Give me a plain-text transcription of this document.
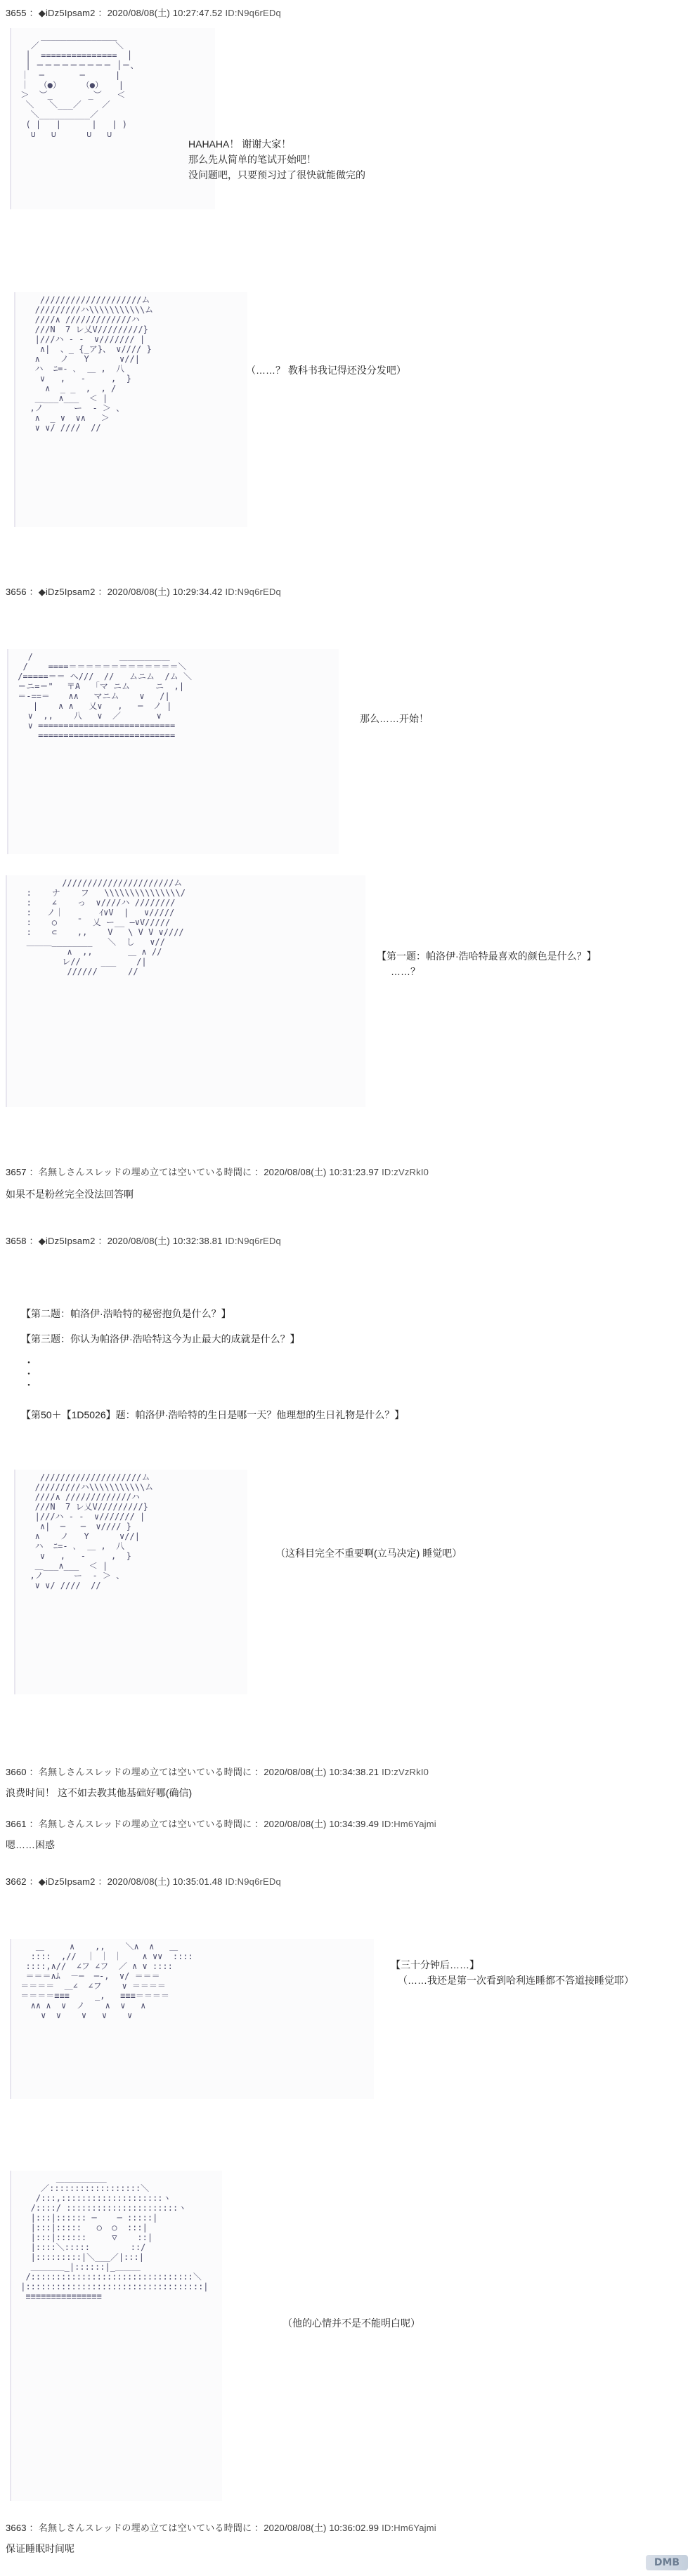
3655 ：◆iDz5Ipsam2 ：2020/08/08(土) 10:27:47.52 ID:N9q6rEDq
_______________
／               ＼
│  ===============  │
│ ＝＝＝＝＝＝＝＝＝ │＝、
｜  ─       ─      |
｜  （●）    （●）   |
＞  ︶_       _︶   ＜
＼   ＼___／    ／
＼__________／
( |   |      |   | )
∪   ∪      ∪   ∪
HAHAHA！ 谢谢大家！
那么先从简单的笔试开始吧！
没问题吧，只要预习过了很快就能做完的
////////////////////ム
/////////ハ\\\\\\\\\\\ム
////∧ /////////////ハ
///N  7 レ乂V/////////}
|///ハ ‐ ‐  ∨/////// |
∧|  、_ {_ア}、 ∨//// }
∧    ノ   Y      ∨//|
ハ  ﾆ=- ､  ＿ ,  八
∨   ,   ‐     ,  }
∧  _ _  ,  , /
＿___∧___  ＜ |
,ノ      ー  ‐ ＞ 、
∧  _ ∨  ∨∧   ＞
∨ ∨/ ////  //
（……？ 教科书我记得还没分发吧）
3656 ：◆iDz5Ipsam2 ：2020/08/08(土) 10:29:34.42 ID:N9q6rEDq
/                 ＿＿＿＿＿＿
/    ====＝＝＝＝＝＝＝＝＝＝＝＝＝＼
/=====＝＝ へ///  //   ムニム  /ム ＼
＝ニ=＝"　 〒A   ｢マ ニム     ニ  ,|
＝-==＝　  ∧∧   マニム    ∨   /|
|    ∧ ∧   乂∨   ,   ─  ノ |
∨  ,,    八   ∨  ／       ∨
∨ ===========================
===========================
那么……开始！
//////////////////////ム
:    ナ    フ   \\\\\\\\\\\\\\\/
:    ∠    っ  ∨////ハ ////////
:   ノ｜       ｲ∨V  |   ∨/////
:    ○    ̄   乂 ー__ ―∨V/////
:    ⊂    ,,    V   \ V V ∨////
＿＿＿________   ＼  し   ∨//
∧  ,,       ＿ ∧ //
レ//    ___    /|
//////      //
【第一题：帕洛伊·浩哈特最喜欢的颜色是什么？】
……？
3657 ：名無しさんスレッドの埋め立ては空いている時間に ：2020/08/08(土) 10:31:23.97 ID:zVzRkI0
如果不是粉丝完全没法回答啊
3658 ：◆iDz5Ipsam2 ：2020/08/08(土) 10:32:38.81 ID:N9q6rEDq
【第二题：帕洛伊·浩哈特的秘密抱负是什么？】
【第三题：你认为帕洛伊·浩哈特这今为止最大的成就是什么？】
・
・
・
【第50＋【1D5026】题：帕洛伊·浩哈特的生日是哪一天？他理想的生日礼物是什么？】
////////////////////ム
/////////ハ\\\\\\\\\\\ム
////∧ /////////////ハ
///N  7 レ乂V/////////}
|///ハ ‐ ‐  ∨/////// |
∧|  ─   ─  ∨//// }
∧    ノ   Y      ∨//|
ハ  ﾆ=- ､  ＿ ,  八
∨   ,   ‐     ,  }
＿___∧___  ＜ |
,ノ      ー  ‐ ＞ 、
∨ ∨/ ////  //
（这科目完全不重要啊(立马决定) 睡觉吧）
3660 ：名無しさんスレッドの埋め立ては空いている時間に ：2020/08/08(土) 10:34:38.21 ID:zVzRkI0
浪费时间！ 这不如去教其他基础好哪(确信)
3661 ：名無しさんスレッドの埋め立ては空いている時間に ：2020/08/08(土) 10:34:39.49 ID:Hm6Yajmi
嗯……困惑
3662 ：◆iDz5Ipsam2 ：2020/08/08(土) 10:35:01.48 ID:N9q6rEDq
＿     ∧    ,,    ＼∧  ∧   ＿
::::  ,//  ｜ ｜ ｜    ∧ ∨∨  ::::
::::,∧//  ∠フ ∠フ  ／ ∧ ∨ ::::
＝＝＝∧ﾑ  －─  ─-,  ∨/ ＝＝＝
＝＝＝＝  ＿∠  ∠フ    ∨ ＝＝＝＝
＝＝＝＝≡≡≡     _,   ≡≡≡＝＝＝＝
∧∧ ∧  ∨  ノ    ∧  ∨   ∧
∨  ∨    ∨   ∨    ∨
【三十分钟后……】
（……我还是第一次看到哈利连睡都不答道接睡觉耶）
＿＿＿＿＿＿
／::::::::::::::::::＼
/:::,::::::::::::::::::::ヽ
/::::/ ::::::::::::::::::::::ヽ
|:::|:::::: ─    ─ :::::|
|:::|:::::   ○  ○  :::|
|:::|::::::     ▽    ::|
|::::＼:::::        ::/
|:::::::::|＼___／|:::|
＿＿＿＿_|::::::|_＿＿＿
/::::::::::::::::::::::::::::::::＼
|:::::::::::::::::::::::::::::::::::|
≡≡≡≡≡≡≡≡≡≡≡≡≡≡≡
（他的心情并不是不能明白呢）
3663 ：名無しさんスレッドの埋め立ては空いている時間に ：2020/08/08(土) 10:36:02.99 ID:Hm6Yajmi
保证睡眠时间呢
DMB
